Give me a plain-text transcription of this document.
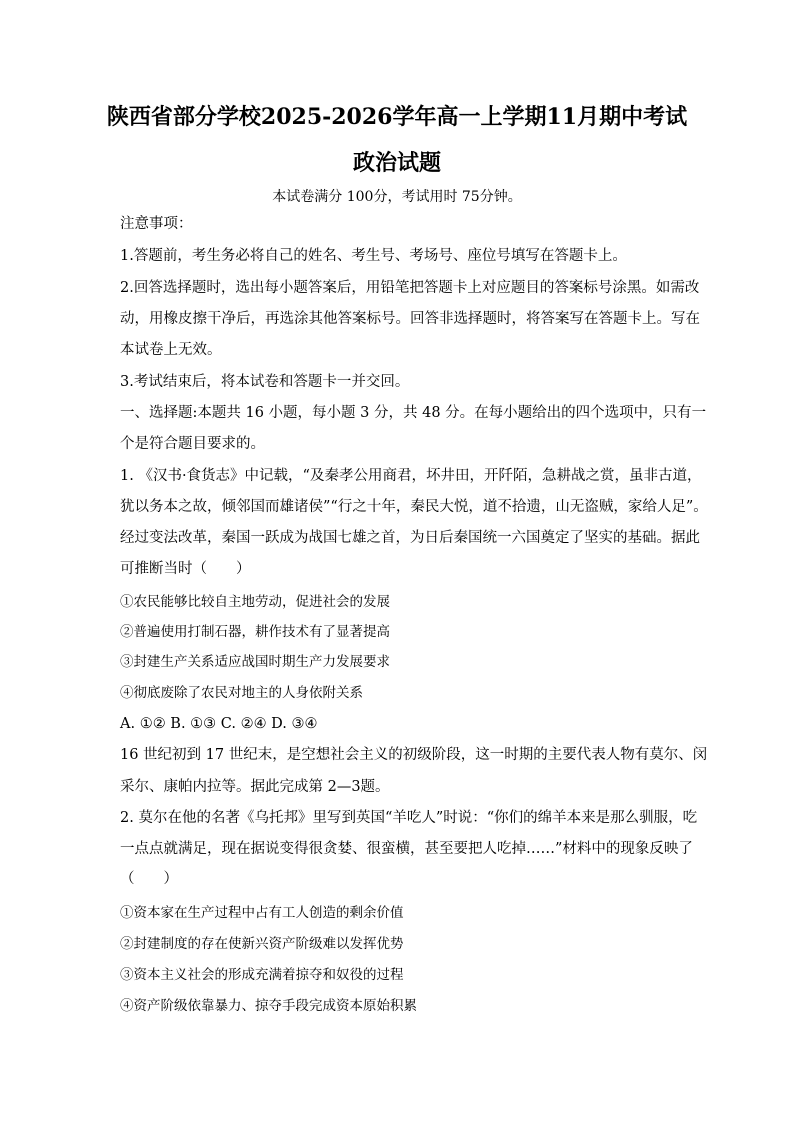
陕西省部分学校2025-2026学年高一上学期11月期中考试
政治试题
本试卷满分 100分，考试用时 75分钟。
注意事项：
1.答题前，考生务必将自己的姓名、考生号、考场号、座位号填写在答题卡上。
2.回答选择题时，选出每小题答案后，用铅笔把答题卡上对应题目的答案标号涂黑。如需改
动，用橡皮擦干净后，再选涂其他答案标号。回答非选择题时，将答案写在答题卡上。写在
本试卷上无效。
3.考试结束后，将本试卷和答题卡一并交回。
一、选择题:本题共 16 小题，每小题 3 分，共 48 分。在每小题给出的四个选项中，只有一
个是符合题目要求的。
1. 《汉书·食货志》中记载，“及秦孝公用商君，坏井田，开阡陌，急耕战之赏，虽非古道，
犹以务本之故，倾邻国而雄诸侯”“行之十年，秦民大悦，道不拾遗，山无盗贼，家给人足”。
经过变法改革，秦国一跃成为战国七雄之首，为日后秦国统一六国奠定了坚实的基础。据此
可推断当时（　　）
①农民能够比较自主地劳动，促进社会的发展
②普遍使用打制石器，耕作技术有了显著提高
③封建生产关系适应战国时期生产力发展要求
④彻底废除了农民对地主的人身依附关系
A. ①② B. ①③ C. ②④ D. ③④
16 世纪初到 17 世纪末，是空想社会主义的初级阶段，这一时期的主要代表人物有莫尔、闵
采尔、康帕内拉等。据此完成第 2—3题。
2. 莫尔在他的名著《乌托邦》里写到英国“羊吃人”时说：“你们的绵羊本来是那么驯服，吃
一点点就满足，现在据说变得很贪婪、很蛮横，甚至要把人吃掉……”材料中的现象反映了
（　　）
①资本家在生产过程中占有工人创造的剩余价值
②封建制度的存在使新兴资产阶级难以发挥优势
③资本主义社会的形成充满着掠夺和奴役的过程
④资产阶级依靠暴力、掠夺手段完成资本原始积累
